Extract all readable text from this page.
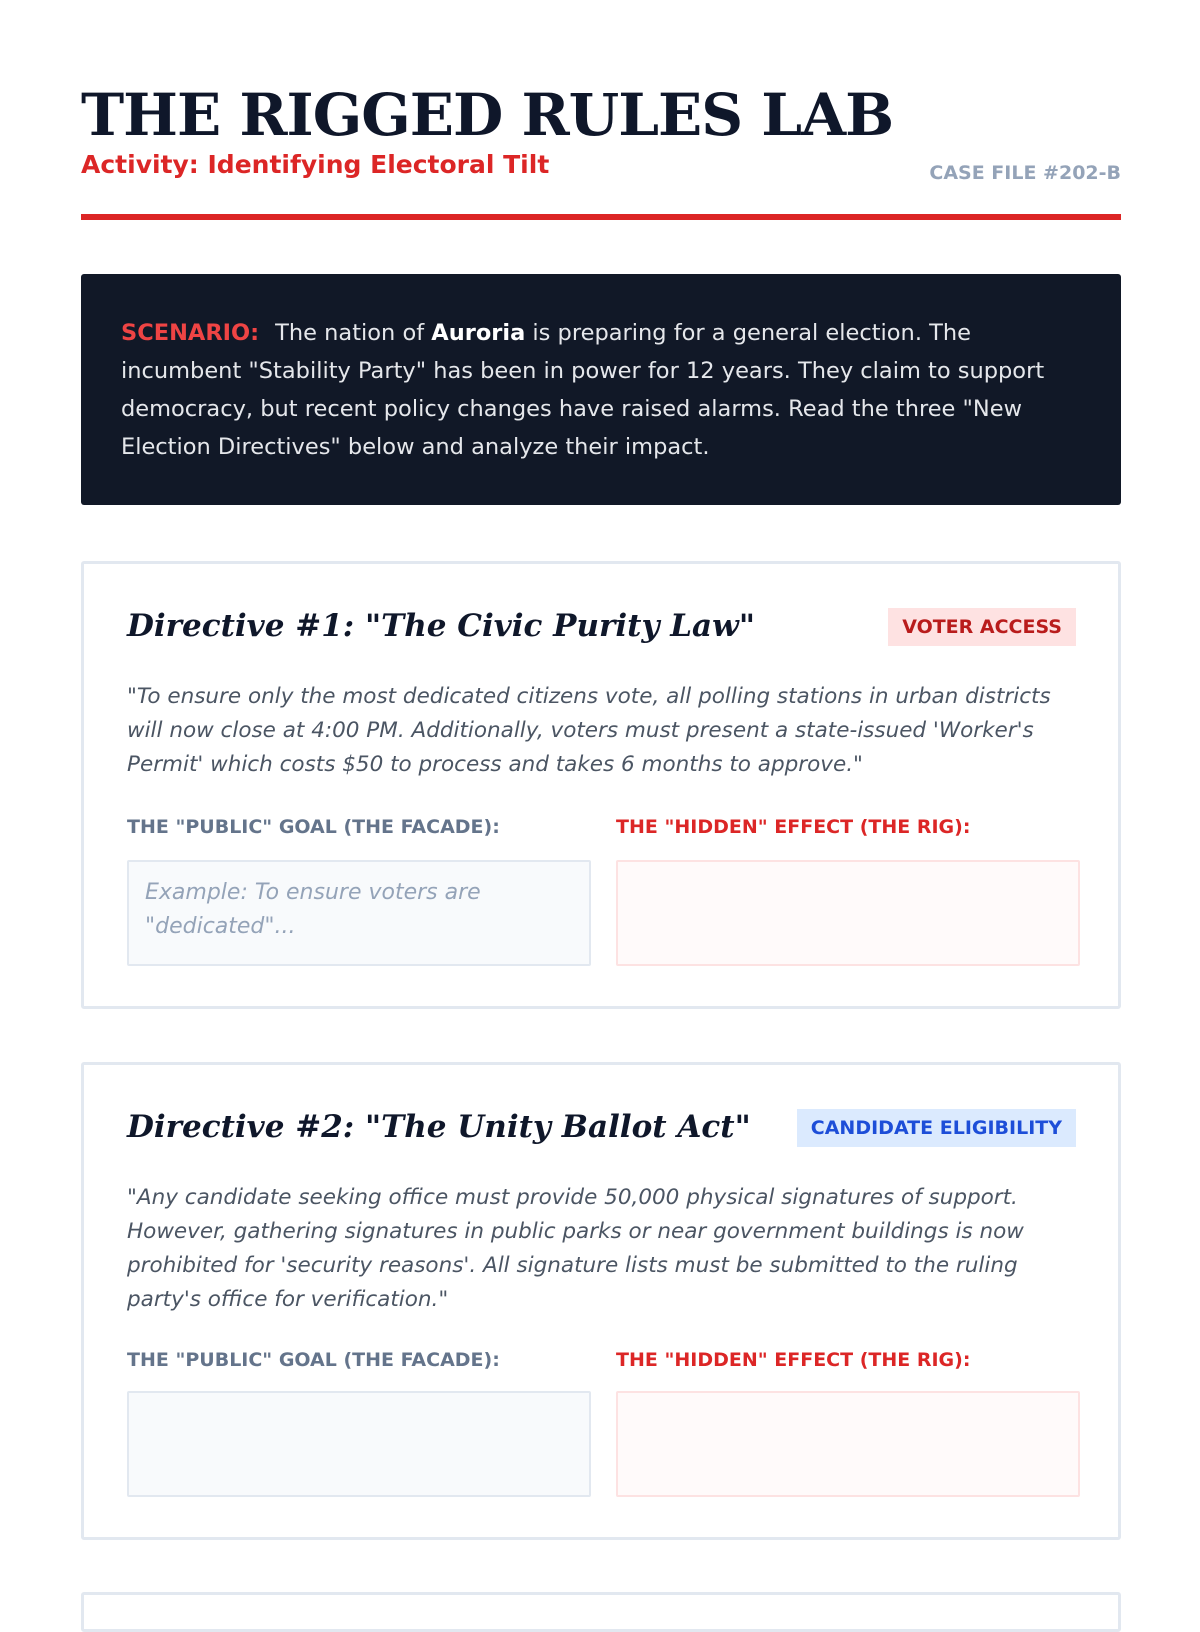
THE RIGGED RULES LAB
Activity: Identifying Electoral Tilt	CASE FILE #202-B
SCENARIO: The nation of Auroria is preparing for a general election. The incumbent "Stability Party" has been in power for 12 years. They claim to support democracy, but recent policy changes have raised alarms. Read the three "New Election Directives" below and analyze their impact.
Directive #1: "The Civic Purity Law"	VOTER ACCESS
"To ensure only the most dedicated citizens vote, all polling stations in urban districts will now close at 4:00 PM. Additionally, voters must present a state-issued 'Worker's Permit' which costs $50 to process and takes 6 months to approve."
THE "PUBLIC" GOAL (THE FACADE):	THE "HIDDEN" EFFECT (THE RIG):
Example: To ensure voters are "dedicated"...
Directive #2: "The Unity Ballot Act"	CANDIDATE ELIGIBILITY
"Any candidate seeking office must provide 50,000 physical signatures of support. However, gathering signatures in public parks or near government buildings is now prohibited for 'security reasons'. All signature lists must be submitted to the ruling party's office for verification."
THE "PUBLIC" GOAL (THE FACADE):	THE "HIDDEN" EFFECT (THE RIG):
